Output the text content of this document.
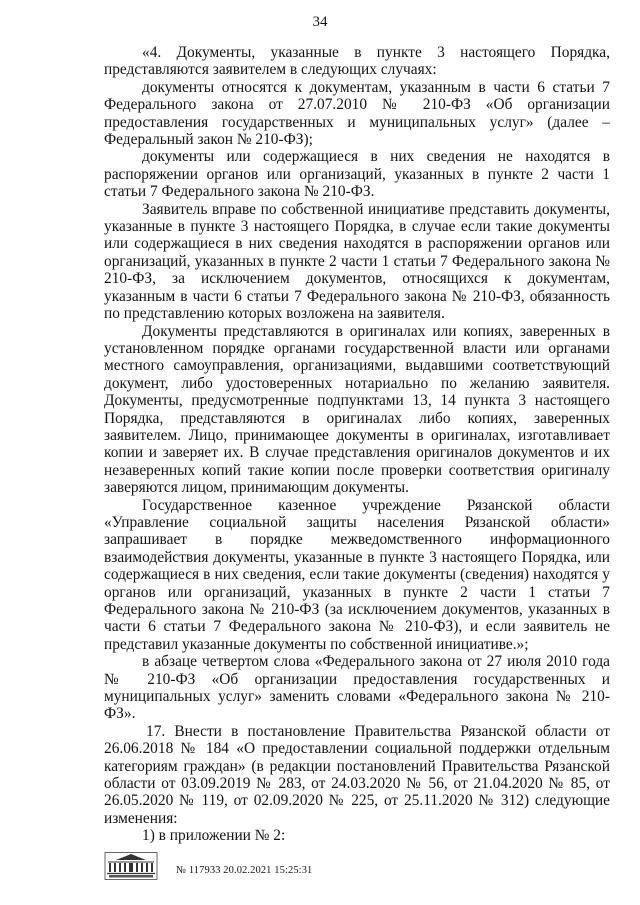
34

«4. Документы, указанные в пункте 3 настоящего Порядка, представляются заявителем в следующих случаях:

документы относятся к документам, указанным в части 6 статьи 7 Федерального закона от 27.07.2010 № 210-ФЗ «Об организации предоставления государственных и муниципальных услуг» (далее – Федеральный закон № 210-ФЗ);

документы или содержащиеся в них сведения не находятся в распоряжении органов или организаций, указанных в пункте 2 части 1 статьи 7 Федерального закона № 210-ФЗ.

Заявитель вправе по собственной инициативе представить документы, указанные в пункте 3 настоящего Порядка, в случае если такие документы или содержащиеся в них сведения находятся в распоряжении органов или организаций, указанных в пункте 2 части 1 статьи 7 Федерального закона № 210-ФЗ, за исключением документов, относящихся к документам, указанным в части 6 статьи 7 Федерального закона № 210-ФЗ, обязанность по представлению которых возложена на заявителя.

Документы представляются в оригиналах или копиях, заверенных в установленном порядке органами государственной власти или органами местного самоуправления, организациями, выдавшими соответствующий документ, либо удостоверенных нотариально по желанию заявителя. Документы, предусмотренные подпунктами 13, 14 пункта 3 настоящего Порядка, представляются в оригиналах либо копиях, заверенных заявителем. Лицо, принимающее документы в оригиналах, изготавливает копии и заверяет их. В случае представления оригиналов документов и их незаверенных копий такие копии после проверки соответствия оригиналу заверяются лицом, принимающим документы.

Государственное казенное учреждение Рязанской области «Управление социальной защиты населения Рязанской области» запрашивает в порядке межведомственного информационного взаимодействия документы, указанные в пункте 3 настоящего Порядка, или содержащиеся в них сведения, если такие документы (сведения) находятся у органов или организаций, указанных в пункте 2 части 1 статьи 7 Федерального закона № 210-ФЗ (за исключением документов, указанных в части 6 статьи 7 Федерального закона № 210-ФЗ), и если заявитель не представил указанные документы по собственной инициативе.»;

в абзаце четвертом слова «Федерального закона от 27 июля 2010 года № 210-ФЗ «Об организации предоставления государственных и муниципальных услуг» заменить словами «Федерального закона № 210-ФЗ».

17. Внести в постановление Правительства Рязанской области от 26.06.2018 № 184 «О предоставлении социальной поддержки отдельным категориям граждан» (в редакции постановлений Правительства Рязанской области от 03.09.2019 № 283, от 24.03.2020 № 56, от 21.04.2020 № 85, от 26.05.2020 № 119, от 02.09.2020 № 225, от 25.11.2020 № 312) следующие изменения:

1) в приложении № 2:

№ 117933 20.02.2021 15:25:31
